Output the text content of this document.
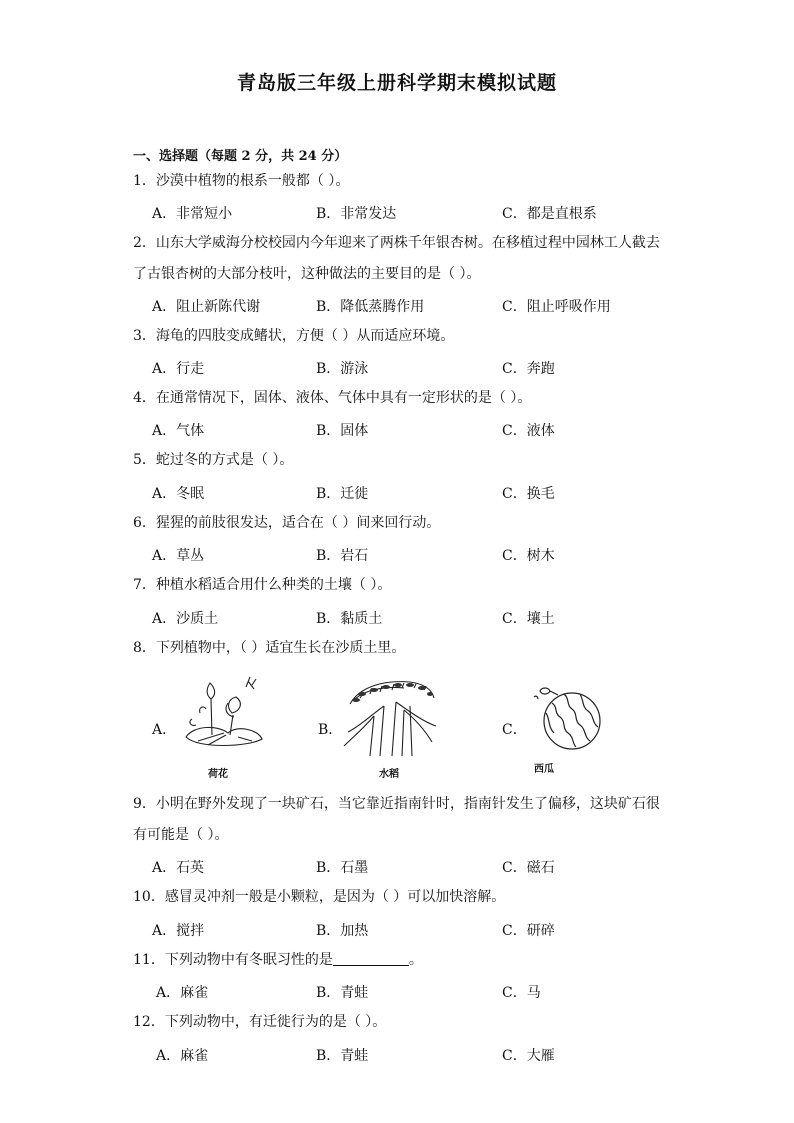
青岛版三年级上册科学期末模拟试题
一、选择题（每题 2 分，共 24 分）
1．沙漠中植物的根系一般都（ ）。
A．非常短小	B．非常发达	C．都是直根系
2．山东大学威海分校校园内今年迎来了两株千年银杏树。在移植过程中园林工人截去
了古银杏树的大部分枝叶，这种做法的主要目的是（ ）。
A．阻止新陈代谢	B．降低蒸腾作用	C．阻止呼吸作用
3．海龟的四肢变成鳍状，方便（ ）从而适应环境。
A．行走	B．游泳	C．奔跑
4．在通常情况下，固体、液体、气体中具有一定形状的是（ ）。
A．气体	B．固体	C．液体
5．蛇过冬的方式是（ ）。
A．冬眠	B．迁徙	C．换毛
6．猩猩的前肢很发达，适合在（ ）间来回行动。
A．草丛	B．岩石	C．树木
7．种植水稻适合用什么种类的土壤（ ）。
A．沙质土	B．黏质土	C．壤土
8．下列植物中，（ ）适宜生长在沙质土里。
A．
荷花
B．
水稻
C．
西瓜
9．小明在野外发现了一块矿石，当它靠近指南针时，指南针发生了偏移，这块矿石很
有可能是（ ）。
A．石英	B．石墨	C．磁石
10．感冒灵冲剂一般是小颗粒，是因为（ ）可以加快溶解。
A．搅拌	B．加热	C．研碎
11．下列动物中有冬眠习性的是	。
A．麻雀	B．青蛙	C．马
12．下列动物中，有迁徙行为的是（ ）。
A．麻雀	B．青蛙	C．大雁
